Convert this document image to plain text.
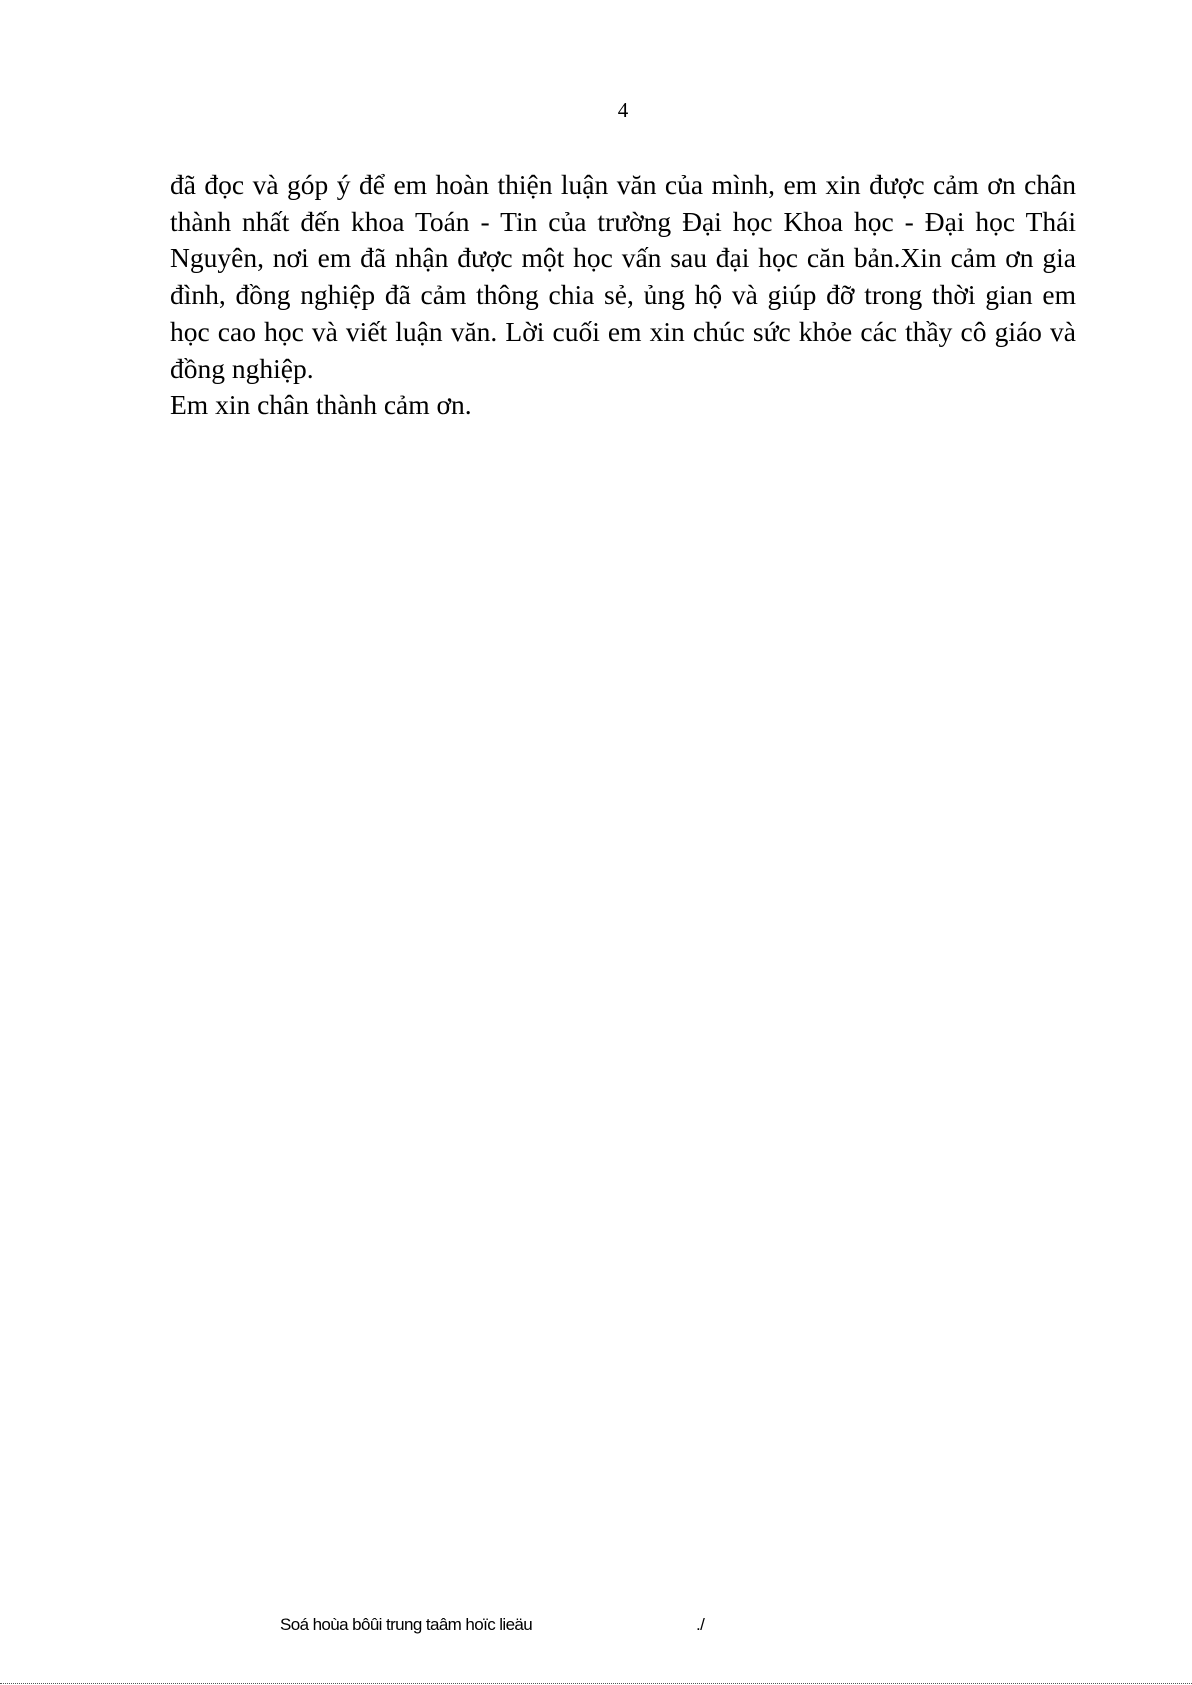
4

đã đọc và góp ý để em hoàn thiện luận văn của mình, em xin được cảm ơn chân thành nhất đến khoa Toán - Tin của trường Đại học Khoa học - Đại học Thái Nguyên, nơi em đã nhận được một học vấn sau đại học căn bản.Xin cảm ơn gia đình, đồng nghiệp đã cảm thông chia sẻ, ủng hộ và giúp đỡ trong thời gian em học cao học và viết luận văn. Lời cuối em xin chúc sức khỏe các thầy cô giáo và đồng nghiệp.

Em xin chân thành cảm ơn.

Soá hoùa bôûi trung taâm hoïc lieäu	./
